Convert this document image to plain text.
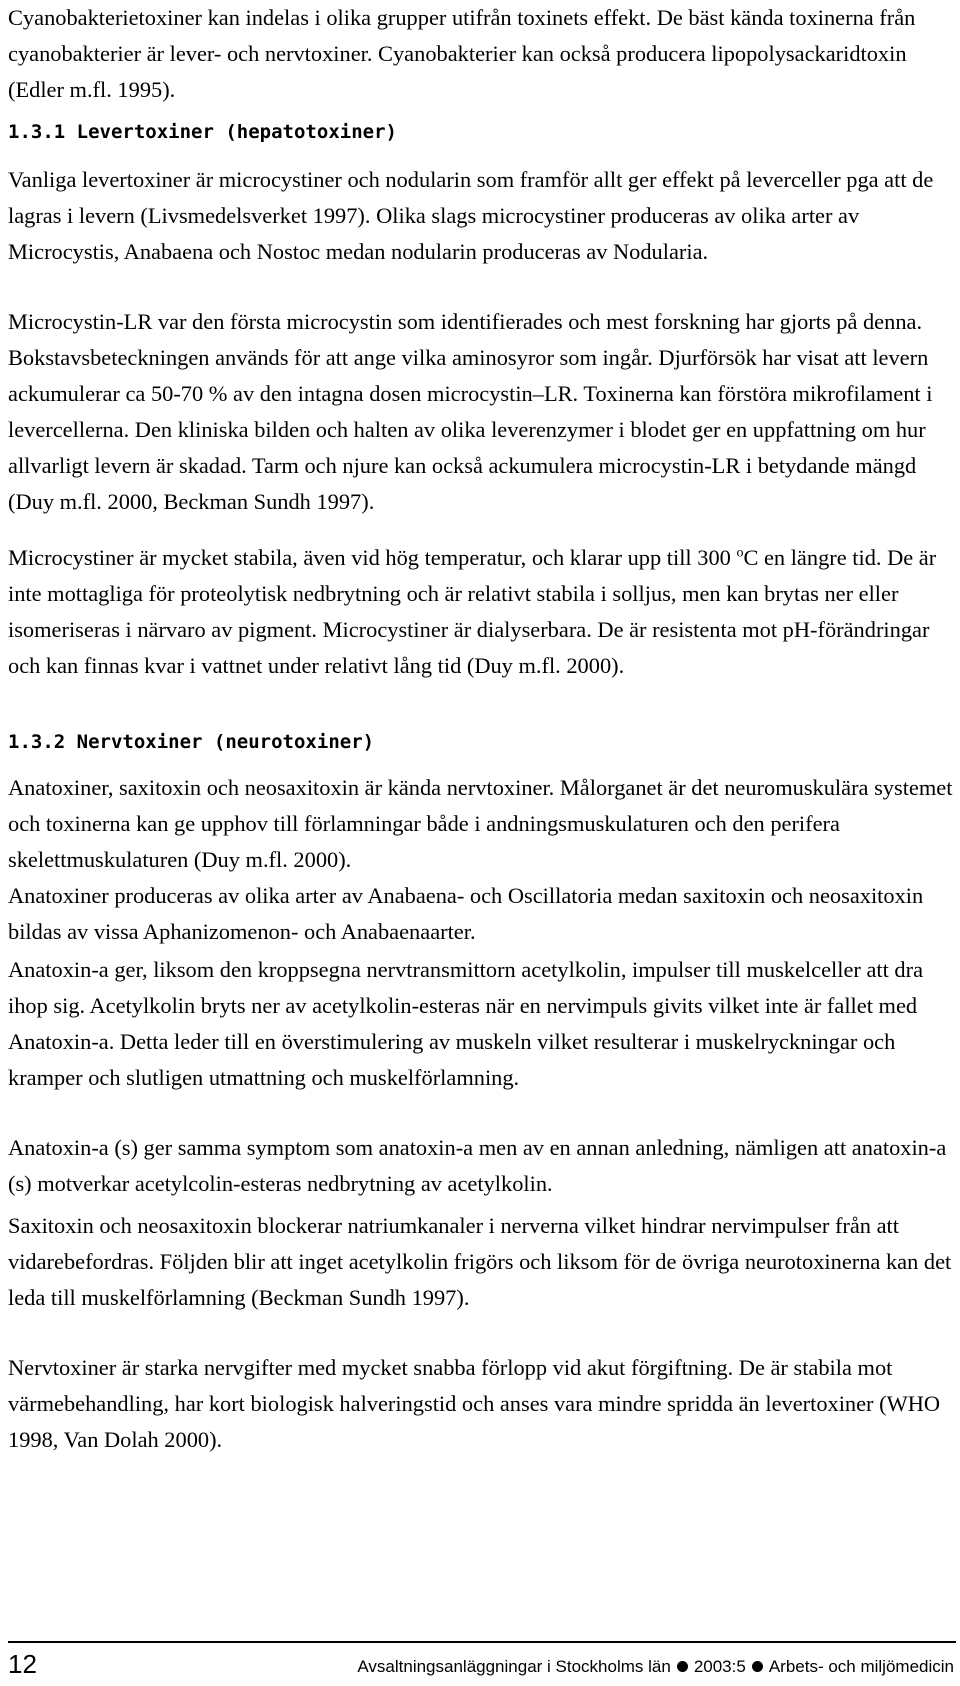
Cyanobakterietoxiner kan indelas i olika grupper utifrån toxinets effekt. De bäst kända toxinerna från cyanobakterier är lever- och nervtoxiner. Cyanobakterier kan också producera lipopolysackaridtoxin (Edler m.fl. 1995).

1.3.1 Levertoxiner (hepatotoxiner)

Vanliga levertoxiner är microcystiner och nodularin som framför allt ger effekt på leverceller pga att de lagras i levern (Livsmedelsverket 1997). Olika slags microcystiner produceras av olika arter av Microcystis, Anabaena och Nostoc medan nodularin produceras av Nodularia.

Microcystin-LR var den första microcystin som identifierades och mest forskning har gjorts på denna. Bokstavsbeteckningen används för att ange vilka aminosyror som ingår. Djurförsök har visat att levern ackumulerar ca 50-70 % av den intagna dosen microcystin–LR. Toxinerna kan förstöra mikrofilament i levercellerna. Den kliniska bilden och halten av olika leverenzymer i blodet ger en uppfattning om hur allvarligt levern är skadad. Tarm och njure kan också ackumulera microcystin-LR i betydande mängd (Duy m.fl. 2000, Beckman Sundh 1997).

Microcystiner är mycket stabila, även vid hög temperatur, och klarar upp till 300 $^o$C en längre tid. De är inte mottagliga för proteolytisk nedbrytning och är relativt stabila i solljus, men kan brytas ner eller isomeriseras i närvaro av pigment. Microcystiner är dialyserbara. De är resistenta mot pH-förändringar och kan finnas kvar i vattnet under relativt lång tid (Duy m.fl. 2000).

1.3.2 Nervtoxiner (neurotoxiner)

Anatoxiner, saxitoxin och neosaxitoxin är kända nervtoxiner. Målorganet är det neuromuskulära systemet och toxinerna kan ge upphov till förlamningar både i andningsmuskulaturen och den perifera skelettmuskulaturen (Duy m.fl. 2000).

Anatoxiner produceras av olika arter av Anabaena- och Oscillatoria medan saxitoxin och neosaxitoxin bildas av vissa Aphanizomenon- och Anabaenaarter.

Anatoxin-a ger, liksom den kroppsegna nervtransmittorn acetylkolin, impulser till muskelceller att dra ihop sig. Acetylkolin bryts ner av acetylkolin-esteras när en nervimpuls givits vilket inte är fallet med Anatoxin-a. Detta leder till en överstimulering av muskeln vilket resulterar i muskelryckningar och kramper och slutligen utmattning och muskelförlamning.

Anatoxin-a (s) ger samma symptom som anatoxin-a men av en annan anledning, nämligen att anatoxin-a (s) motverkar acetylcolin-esteras nedbrytning av acetylkolin.

Saxitoxin och neosaxitoxin blockerar natriumkanaler i nerverna vilket hindrar nervimpulser från att vidarebefordras. Följden blir att inget acetylkolin frigörs och liksom för de övriga neurotoxinerna kan det leda till muskelförlamning (Beckman Sundh 1997).

Nervtoxiner är starka nervgifter med mycket snabba förlopp vid akut förgiftning. De är stabila mot värmebehandling, har kort biologisk halveringstid och anses vara mindre spridda än levertoxiner (WHO 1998, Van Dolah 2000).

12	Avsaltningsanläggningar i Stockholms län 2003:5 Arbets- och miljömedicin
